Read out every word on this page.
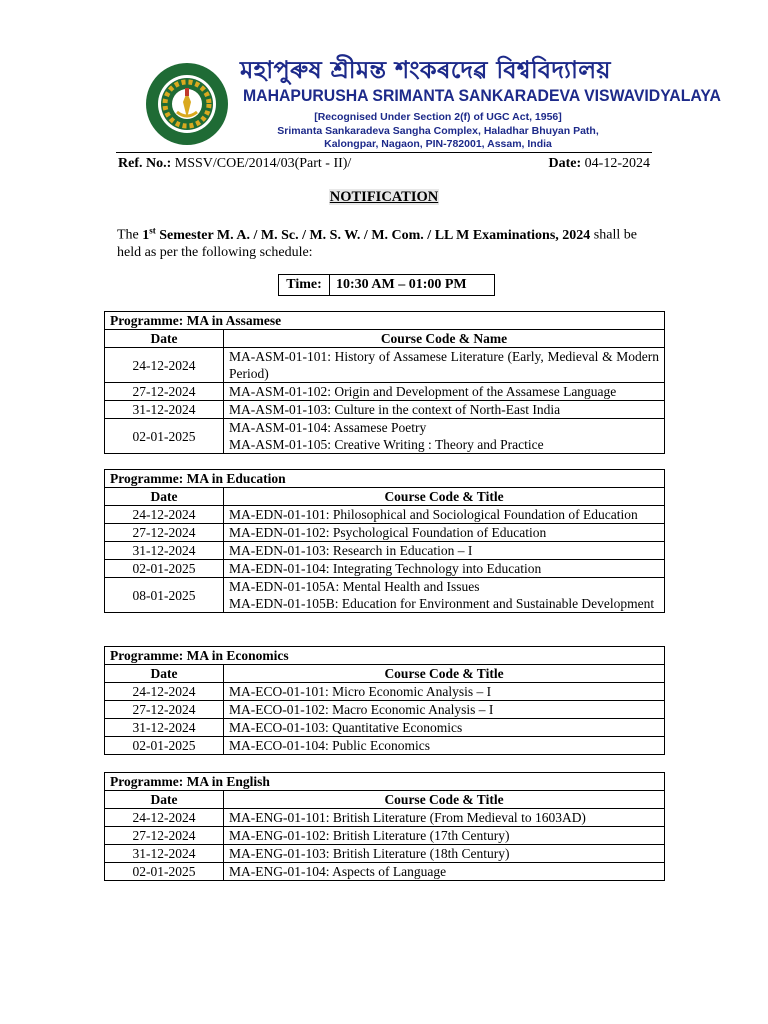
মহাপুৰুষ শ্ৰীমন্ত শংকৰদেৱ বিশ্ববিদ্যালয়
MAHAPURUSHA SRIMANTA SANKARADEVA VISWAVIDYALAYA
[Recognised Under Section 2(f) of UGC Act, 1956]
Srimanta Sankaradeva Sangha Complex, Haladhar Bhuyan Path,
Kalongpar, Nagaon, PIN-782001, Assam, India
Ref. No.: MSSV/COE/2014/03(Part - II)/	Date: 04-12-2024
NOTIFICATION
The 1st Semester M. A. / M. Sc. / M. S. W. / M. Com. / LL M Examinations, 2024 shall be held as per the following schedule:
Time:	10:30 AM – 01:00 PM
Programme: MA in Assamese	
Date	Course Code & Name
24-12-2024	MA-ASM-01-101: History of Assamese Literature (Early, Medieval & Modern Period)
27-12-2024	MA-ASM-01-102: Origin and Development of the Assamese Language
31-12-2024	MA-ASM-01-103: Culture in the context of North-East India
02-01-2025	MA-ASM-01-104: Assamese Poetry
MA-ASM-01-105: Creative Writing : Theory and Practice
Programme: MA in Education	
Date	Course Code & Title
24-12-2024	MA-EDN-01-101: Philosophical and Sociological Foundation of Education
27-12-2024	MA-EDN-01-102: Psychological Foundation of Education
31-12-2024	MA-EDN-01-103: Research in Education – I
02-01-2025	MA-EDN-01-104: Integrating Technology into Education
08-01-2025	MA-EDN-01-105A: Mental Health and Issues
MA-EDN-01-105B: Education for Environment and Sustainable Development
Programme: MA in Economics	
Date	Course Code & Title
24-12-2024	MA-ECO-01-101: Micro Economic Analysis – I
27-12-2024	MA-ECO-01-102: Macro Economic Analysis – I
31-12-2024	MA-ECO-01-103: Quantitative Economics
02-01-2025	MA-ECO-01-104: Public Economics
Programme: MA in English	
Date	Course Code & Title
24-12-2024	MA-ENG-01-101: British Literature (From Medieval to 1603AD)
27-12-2024	MA-ENG-01-102: British Literature (17th Century)
31-12-2024	MA-ENG-01-103: British Literature (18th Century)
02-01-2025	MA-ENG-01-104: Aspects of Language
